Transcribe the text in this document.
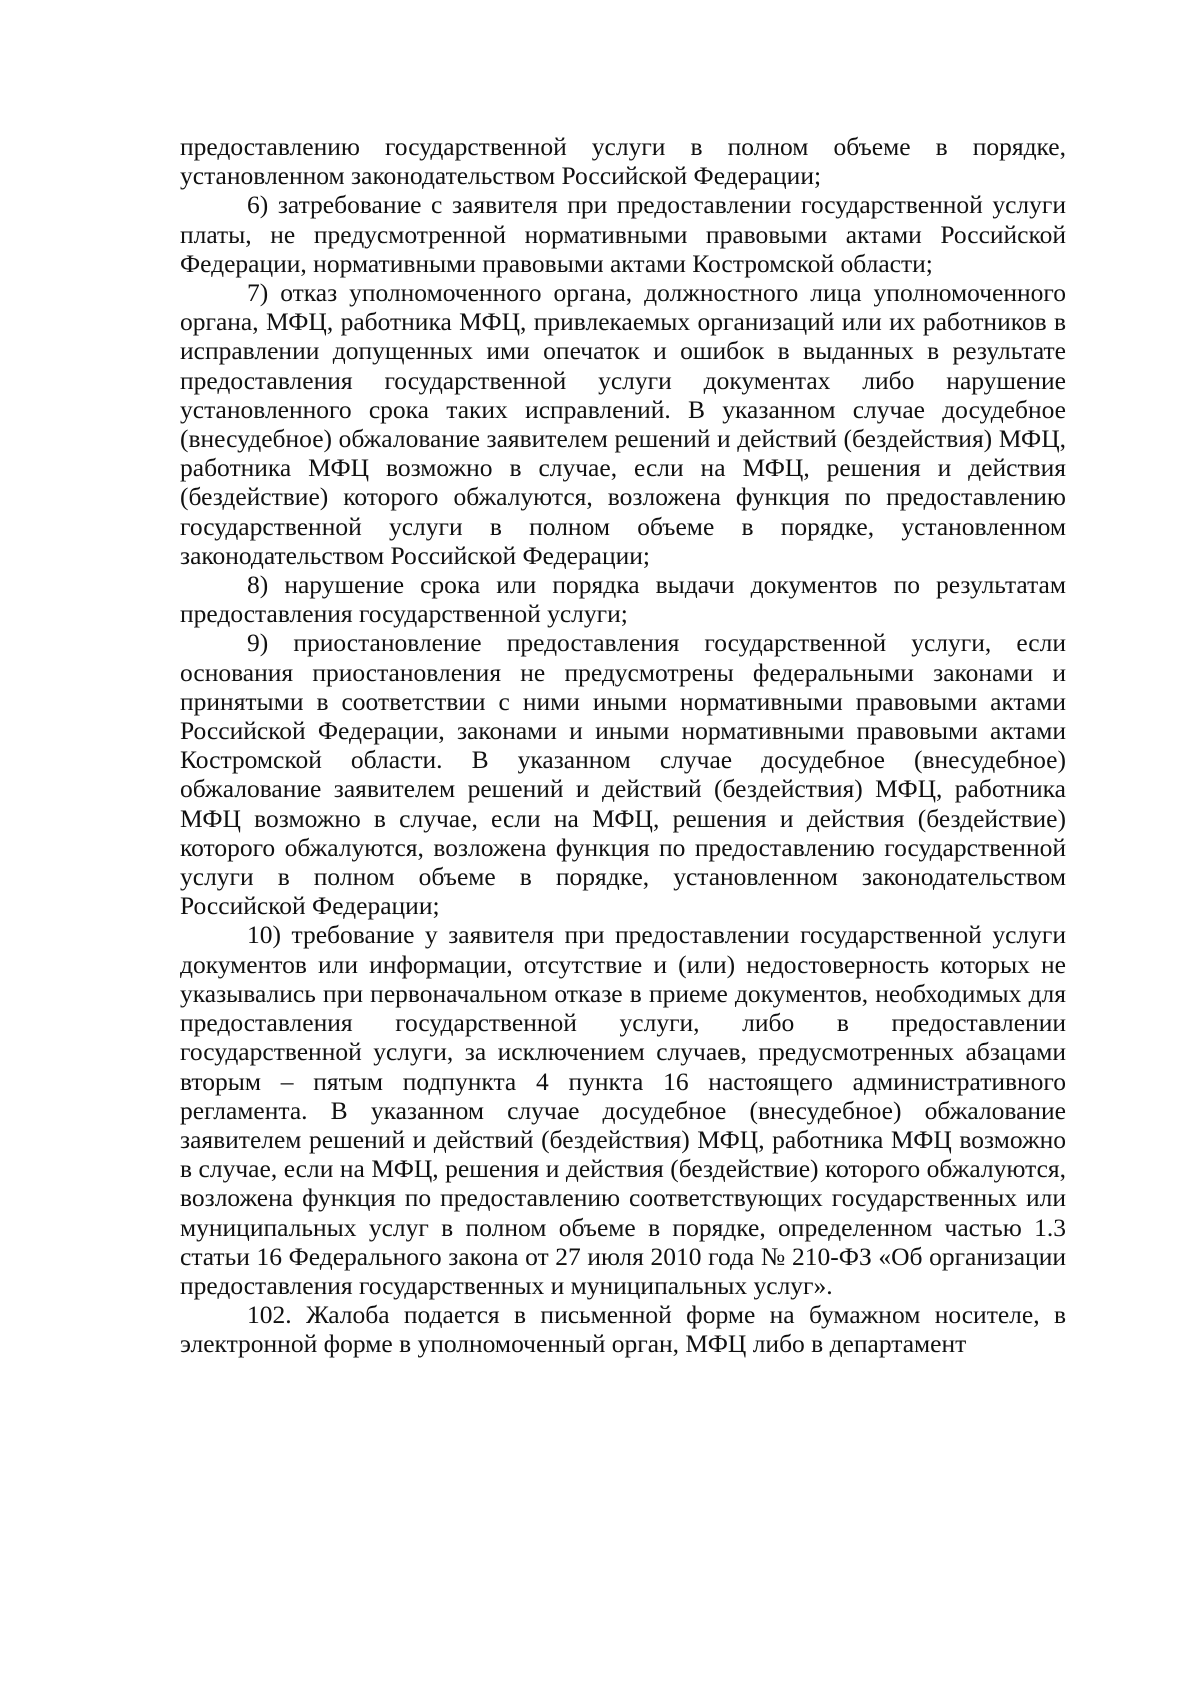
предоставлению государственной услуги в полном объеме в порядке, установленном законодательством Российской Федерации;

6) затребование с заявителя при предоставлении государственной услуги платы, не предусмотренной нормативными правовыми актами Российской Федерации, нормативными правовыми актами Костромской области;

7) отказ уполномоченного органа, должностного лица уполномоченного органа, МФЦ, работника МФЦ, привлекаемых организаций или их работников в исправлении допущенных ими опечаток и ошибок в выданных в результате предоставления государственной услуги документах либо нарушение установленного срока таких исправлений. В указанном случае досудебное (внесудебное) обжалование заявителем решений и действий (бездействия) МФЦ, работника МФЦ возможно в случае, если на МФЦ, решения и действия (бездействие) которого обжалуются, возложена функция по предоставлению государственной услуги в полном объеме в порядке, установленном законодательством Российской Федерации;

8) нарушение срока или порядка выдачи документов по результатам предоставления государственной услуги;

9) приостановление предоставления государственной услуги, если основания приостановления не предусмотрены федеральными законами и принятыми в соответствии с ними иными нормативными правовыми актами Российской Федерации, законами и иными нормативными правовыми актами Костромской области. В указанном случае досудебное (внесудебное) обжалование заявителем решений и действий (бездействия) МФЦ, работника МФЦ возможно в случае, если на МФЦ, решения и действия (бездействие) которого обжалуются, возложена функция по предоставлению государственной услуги в полном объеме в порядке, установленном законодательством Российской Федерации;

10) требование у заявителя при предоставлении государственной услуги документов или информации, отсутствие и (или) недостоверность которых не указывались при первоначальном отказе в приеме документов, необходимых для предоставления государственной услуги, либо в предоставлении государственной услуги, за исключением случаев, предусмотренных абзацами вторым – пятым подпункта 4 пункта 16 настоящего административного регламента. В указанном случае досудебное (внесудебное) обжалование заявителем решений и действий (бездействия) МФЦ, работника МФЦ возможно в случае, если на МФЦ, решения и действия (бездействие) которого обжалуются, возложена функция по предоставлению соответствующих государственных или муниципальных услуг в полном объеме в порядке, определенном частью 1.3 статьи 16 Федерального закона от 27 июля 2010 года № 210-ФЗ «Об организации предоставления государственных и муниципальных услуг».

102. Жалоба подается в письменной форме на бумажном носителе, в электронной форме в уполномоченный орган, МФЦ либо в департамент
